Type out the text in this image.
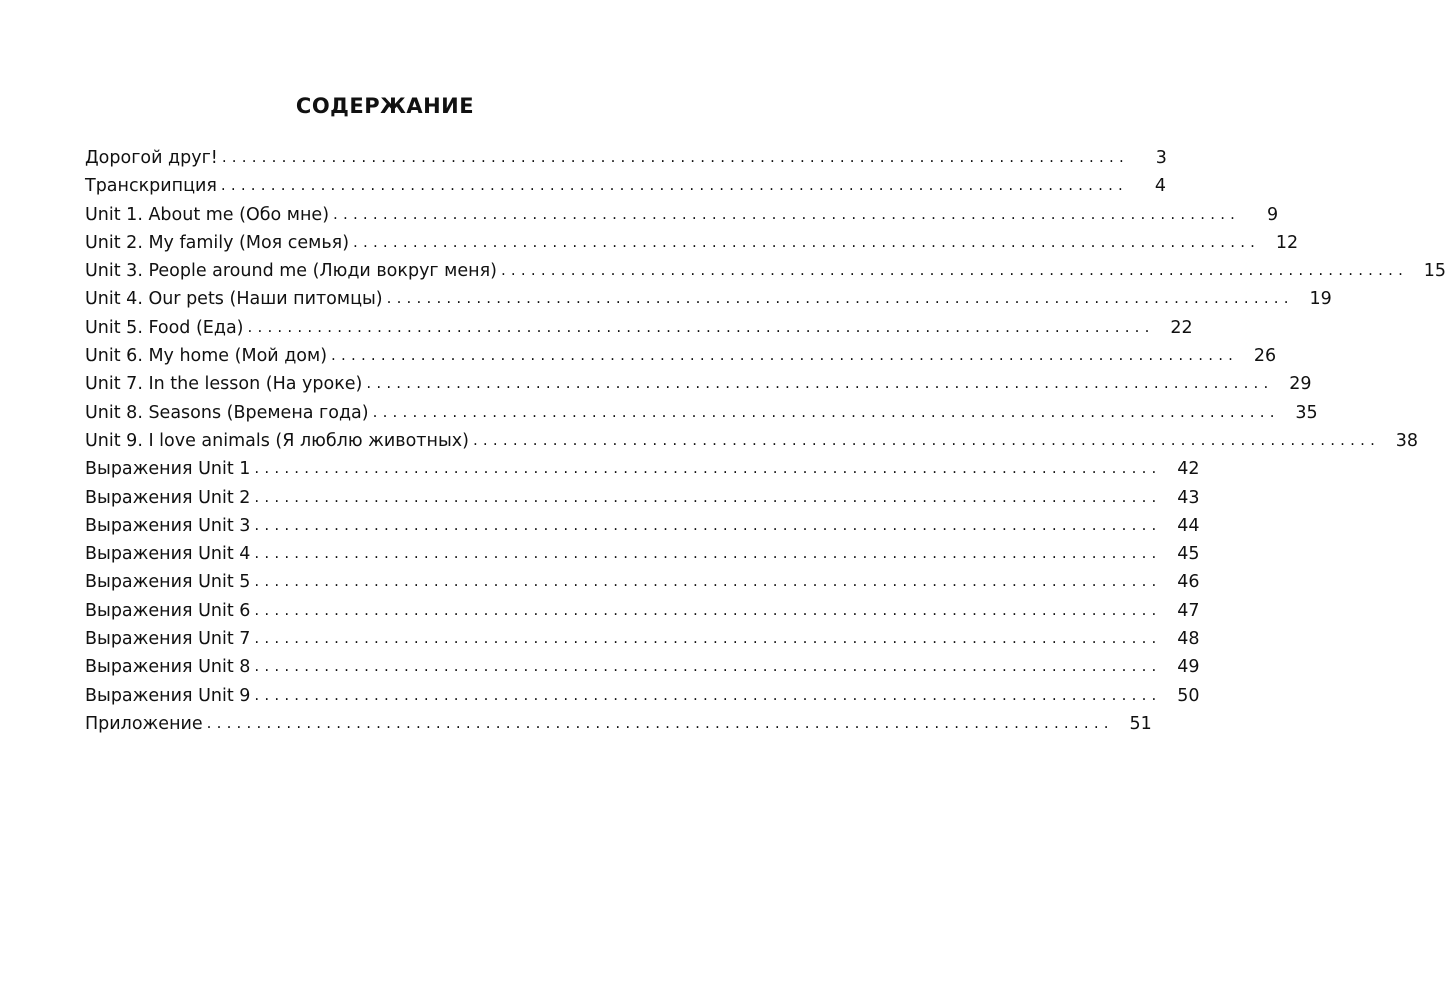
СОДЕРЖАНИЕ
Дорогой друг! ...........................................................................................	3
Транскрипция ...........................................................................................	4
Unit 1. About me (Обо мне) ...........................................................................................	9
Unit 2. My family (Моя семья) ........................................................................................... 12
Unit 3. People around me (Люди вокруг меня) ........................................................................................... 15
Unit 4. Our pets (Наши питомцы) ........................................................................................... 19
Unit 5. Food (Еда) ........................................................................................... 22
Unit 6. My home (Мой дом) ........................................................................................... 26
Unit 7. In the lesson (На уроке) ........................................................................................... 29
Unit 8. Seasons (Времена года) ........................................................................................... 35
Unit 9. I love animals (Я люблю животных) ........................................................................................... 38
Выражения Unit 1 ........................................................................................... 42
Выражения Unit 2 ........................................................................................... 43
Выражения Unit 3 ........................................................................................... 44
Выражения Unit 4 ........................................................................................... 45
Выражения Unit 5 ........................................................................................... 46
Выражения Unit 6 ........................................................................................... 47
Выражения Unit 7 ........................................................................................... 48
Выражения Unit 8 ........................................................................................... 49
Выражения Unit 9 ........................................................................................... 50
Приложение ........................................................................................... 51
